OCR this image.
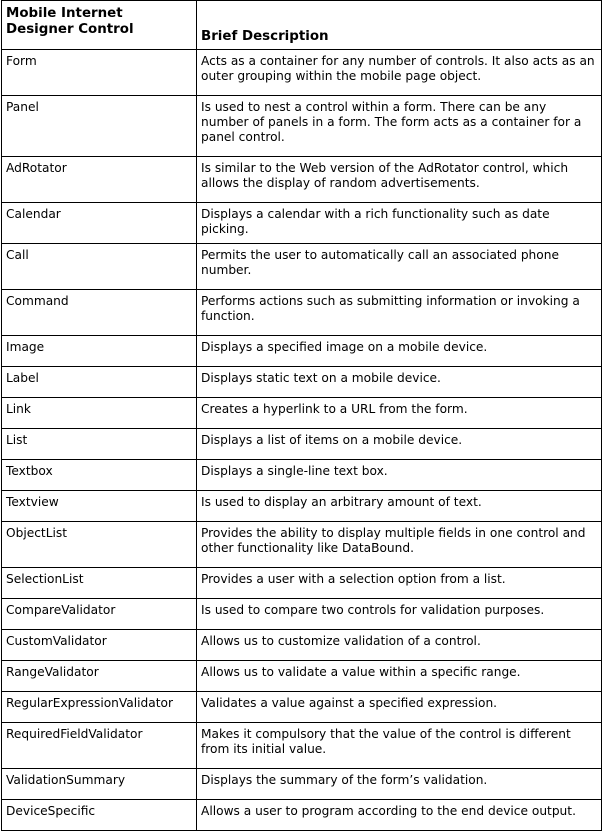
Mobile Internet Designer Control	Brief Description
Form	Acts as a container for any number of controls. It also acts as an outer grouping within the mobile page object.
Panel	Is used to nest a control within a form. There can be any number of panels in a form. The form acts as a container for a panel control.
AdRotator	Is similar to the Web version of the AdRotator control, which allows the display of random advertisements.
Calendar	Displays a calendar with a rich functionality such as date picking.
Call	Permits the user to automatically call an associated phone number.
Command	Performs actions such as submitting information or invoking a function.
Image	Displays a specified image on a mobile device.
Label	Displays static text on a mobile device.
Link	Creates a hyperlink to a URL from the form.
List	Displays a list of items on a mobile device.
Textbox	Displays a single-line text box.
Textview	Is used to display an arbitrary amount of text.
ObjectList	Provides the ability to display multiple fields in one control and other functionality like DataBound.
SelectionList	Provides a user with a selection option from a list.
CompareValidator	Is used to compare two controls for validation purposes.
CustomValidator	Allows us to customize validation of a control.
RangeValidator	Allows us to validate a value within a specific range.
RegularExpressionValidator	Validates a value against a specified expression.
RequiredFieldValidator	Makes it compulsory that the value of the control is different from its initial value.
ValidationSummary	Displays the summary of the form’s validation.
DeviceSpecific	Allows a user to program according to the end device output.
